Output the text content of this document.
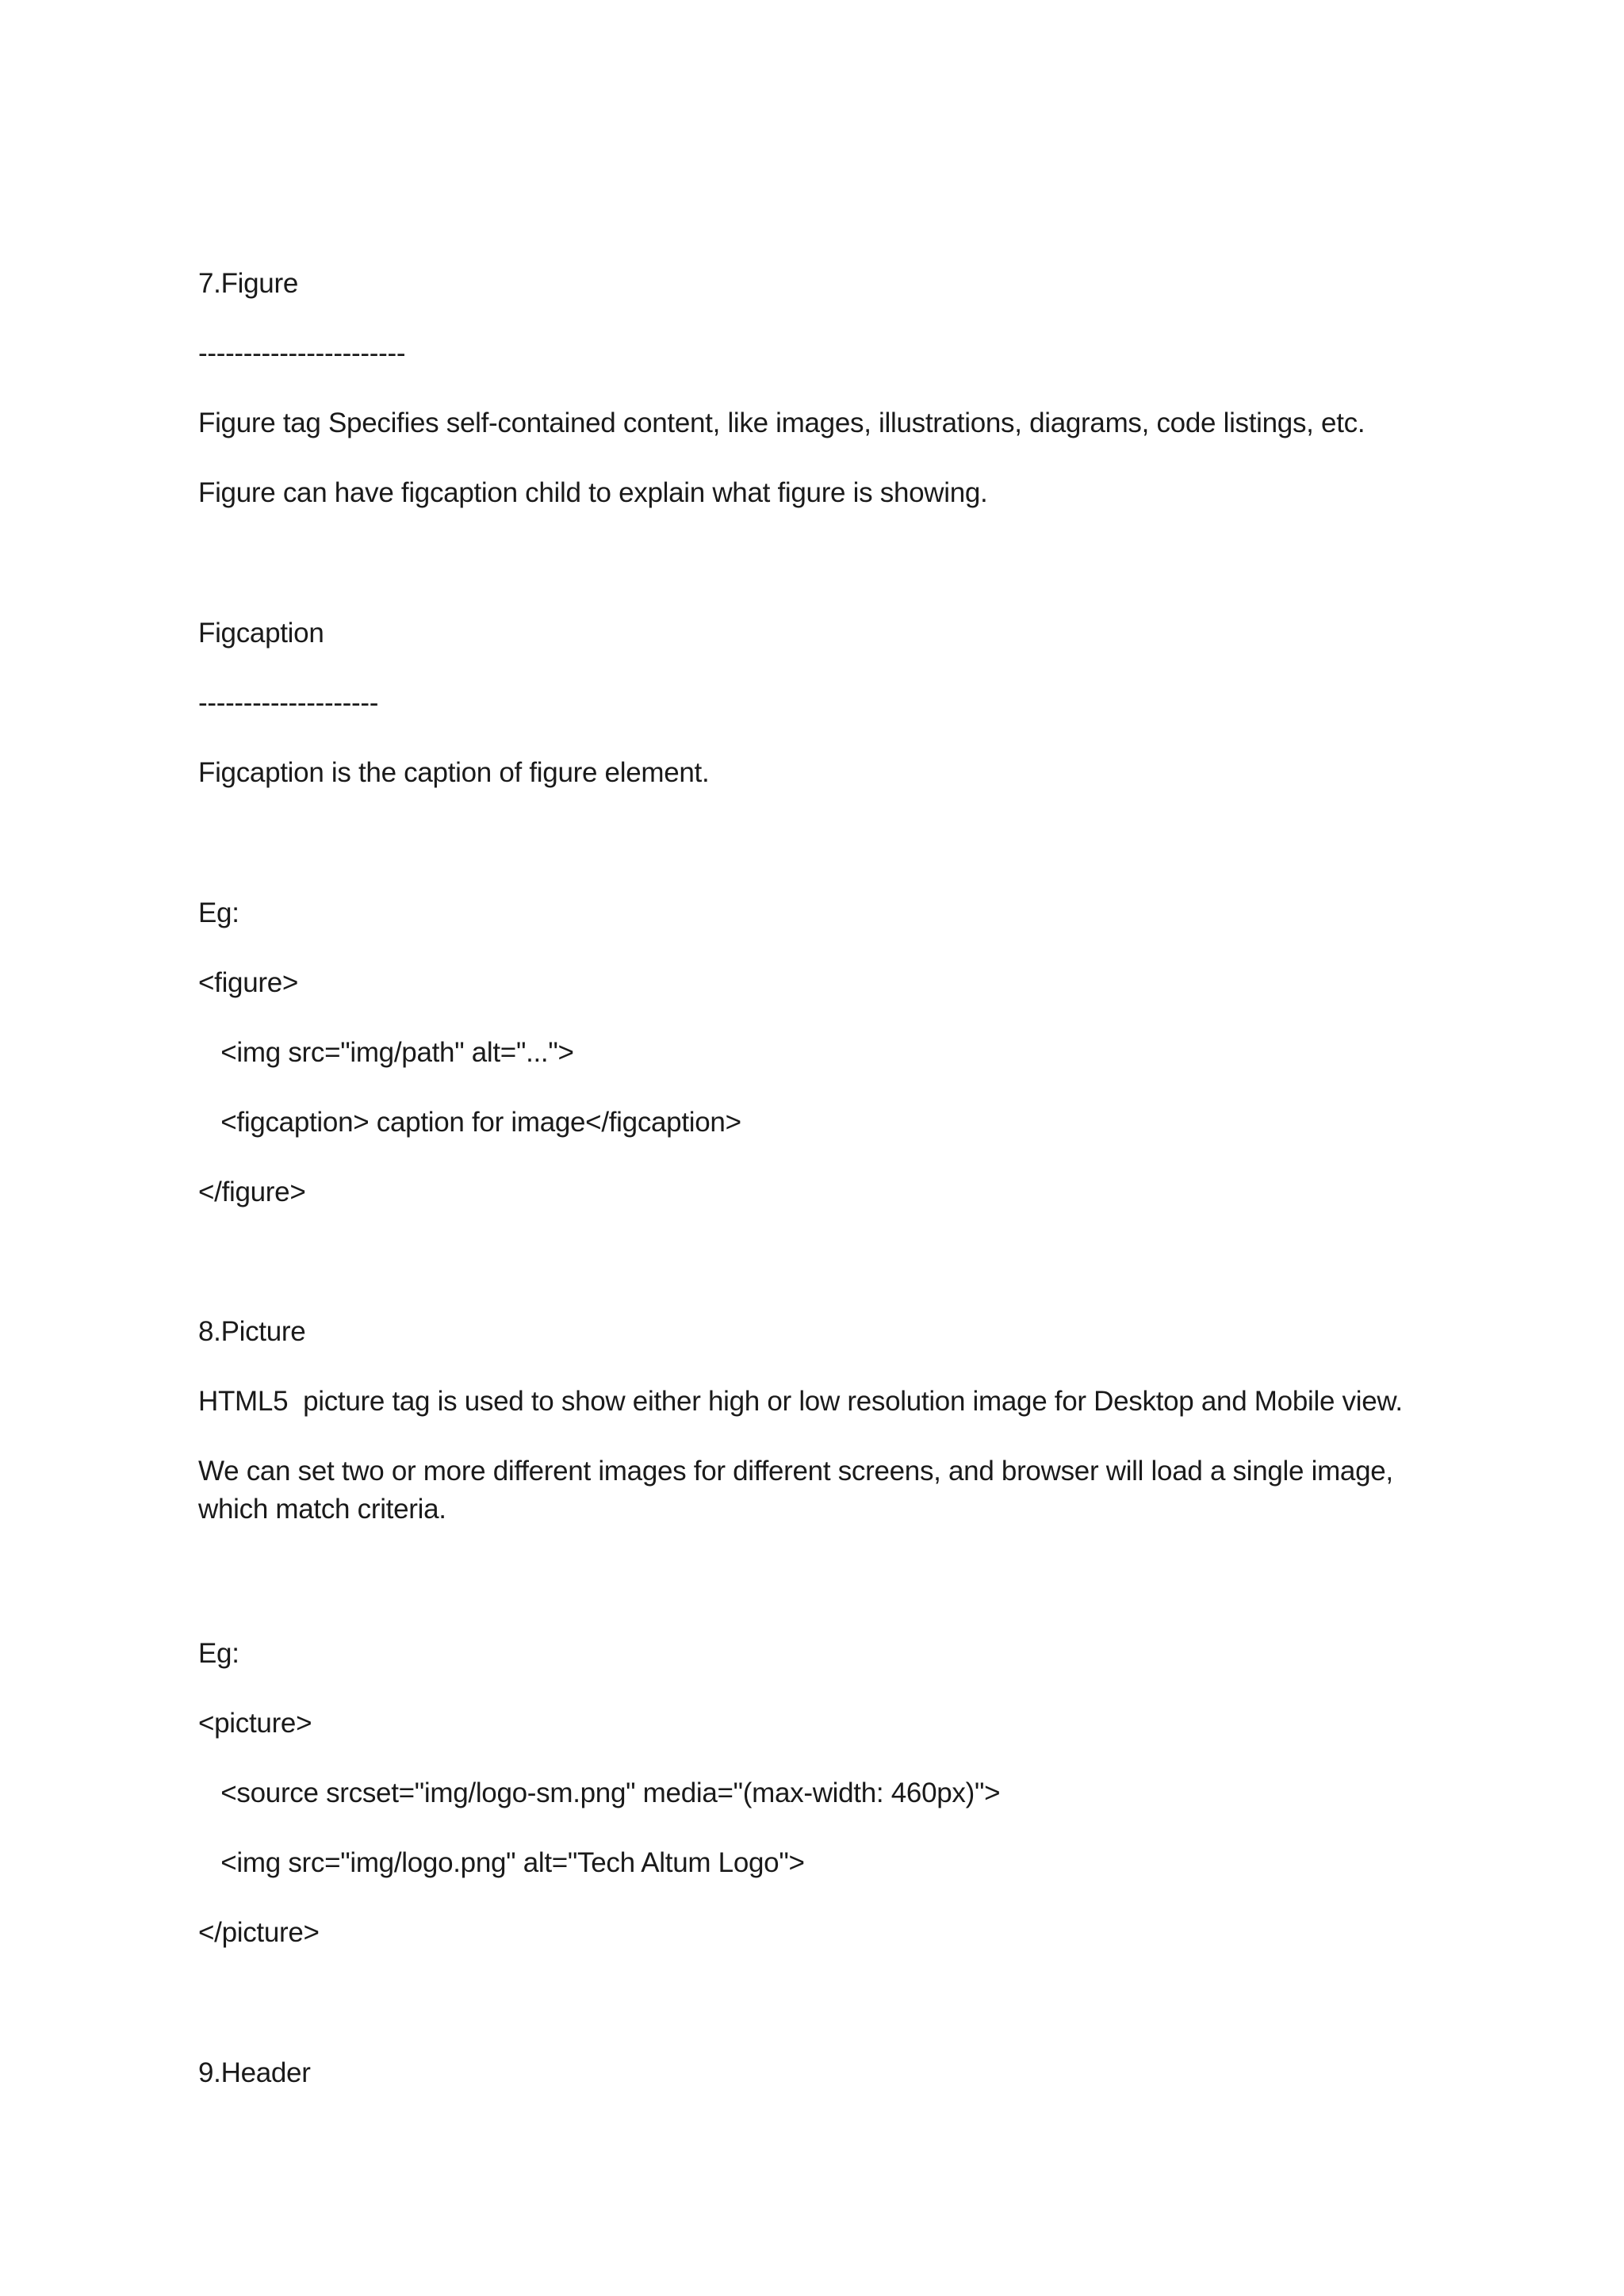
7.Figure

-----------------------

Figure tag Specifies self-contained content, like images, illustrations, diagrams, code listings, etc.

Figure can have figcaption child to explain what figure is showing.

Figcaption

--------------------

Figcaption is the caption of figure element.

Eg:

<figure>

<img src="img/path" alt="...">

<figcaption> caption for image</figcaption>

</figure>

8.Picture

HTML5  picture tag is used to show either high or low resolution image for Desktop and Mobile view.

We can set two or more different images for different screens, and browser will load a single image, which match criteria.

Eg:

<picture>

<source srcset="img/logo-sm.png" media="(max-width: 460px)">

<img src="img/logo.png" alt="Tech Altum Logo">

</picture>

9.Header
